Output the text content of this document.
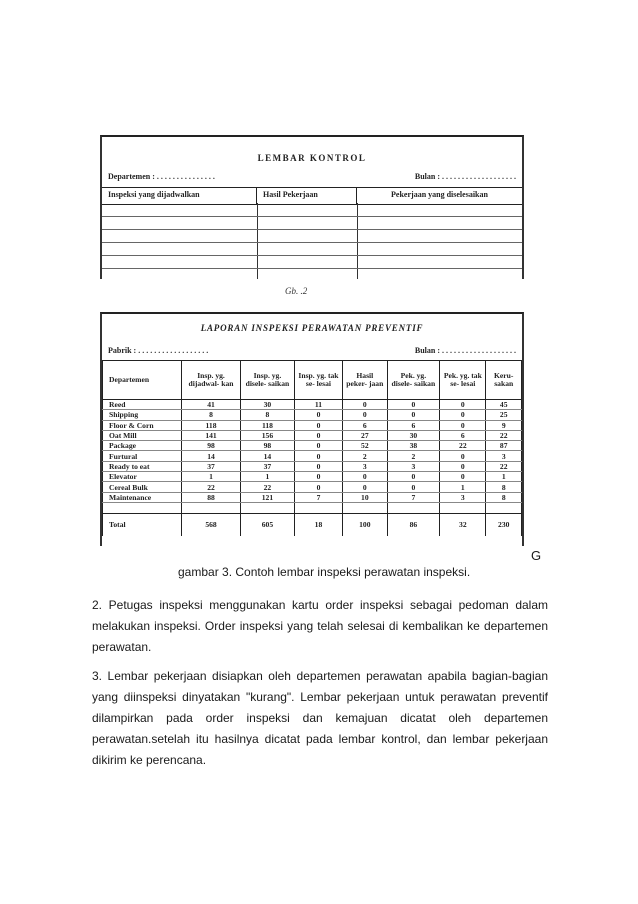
LEMBAR KONTROL
Departemen : . . . . . . . . . . . . . . .	Bulan : . . . . . . . . . . . . . . . . . . .
Inspeksi yang dijadwalkan	Hasil Pekerjaan	Pekerjaan yang diselesaikan
Gb. .2
LAPORAN INSPEKSI PERAWATAN PREVENTIF
Pabrik : . . . . . . . . . . . . . . . . . .	Bulan : . . . . . . . . . . . . . . . . . . .
Departemen	Insp. yg. dijadwal- kan	Insp. yg. disele- saikan	Insp. yg. tak se- lesai	Hasil peker- jaan	Pek. yg. disele- saikan	Pek. yg. tak se- lesai	Keru- sakan
Reed	41	30	11	0	0	0	45
Shipping	8	8	0	0	0	0	25
Floor & Corn	118	118	0	6	6	0	9
Oat Mill	141	156	0	27	30	6	22
Package	98	98	0	52	38	22	87
Furtural	14	14	0	2	2	0	3
Ready to eat	37	37	0	3	3	0	22
Elevator	1	1	0	0	0	0	1
Cereal Bulk	22	22	0	0	0	1	8
Maintenance	88	121	7	10	7	3	8

Total	568	605	18	100	86	32	230
G
gambar 3. Contoh lembar inspeksi perawatan inspeksi.
2. Petugas inspeksi menggunakan kartu order inspeksi sebagai pedoman dalam melakukan inspeksi. Order inspeksi yang telah selesai di kembalikan ke departemen perawatan.
3. Lembar pekerjaan disiapkan oleh departemen perawatan apabila bagian-bagian yang diinspeksi dinyatakan "kurang". Lembar pekerjaan untuk perawatan preventif dilampirkan pada order inspeksi dan kemajuan dicatat oleh departemen perawatan.setelah itu hasilnya dicatat pada lembar kontrol, dan lembar pekerjaan dikirim ke perencana.
